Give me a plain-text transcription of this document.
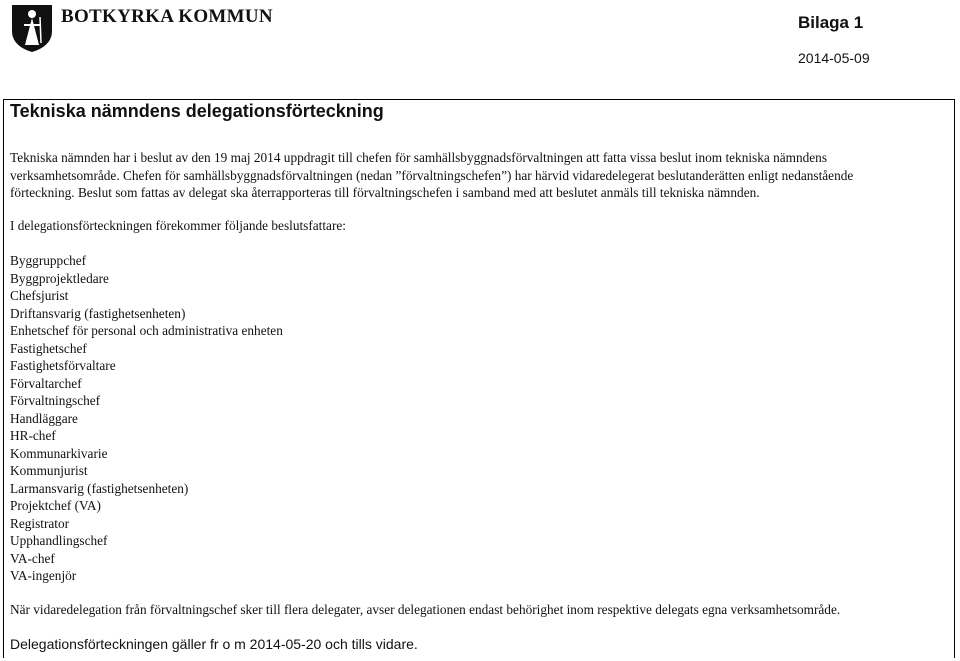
BOTKYRKA KOMMUN	Bilaga 1
2014-05-09
Tekniska nämndens delegationsförteckning

Tekniska nämnden har i beslut av den 19 maj 2014 uppdragit till chefen för samhällsbyggnadsförvaltningen att fatta vissa beslut inom tekniska nämndens
verksamhetsområde. Chefen för samhällsbyggnadsförvaltningen (nedan ”förvaltningschefen”) har härvid vidaredelegerat beslutanderätten enligt nedanstående
förteckning. Beslut som fattas av delegat ska återrapporteras till förvaltningschefen i samband med att beslutet anmäls till tekniska nämnden.

I delegationsförteckningen förekommer följande beslutsfattare:

Byggruppchef
Byggprojektledare
Chefsjurist
Driftansvarig (fastighetsenheten)
Enhetschef för personal och administrativa enheten
Fastighetschef
Fastighetsförvaltare
Förvaltarchef
Förvaltningschef
Handläggare
HR-chef
Kommunarkivarie
Kommunjurist
Larmansvarig (fastighetsenheten)
Projektchef (VA)
Registrator
Upphandlingschef
VA-chef
VA-ingenjör

När vidaredelegation från förvaltningschef sker till flera delegater, avser delegationen endast behörighet inom respektive delegats egna verksamhetsområde.

Delegationsförteckningen gäller fr o m 2014-05-20 och tills vidare.
